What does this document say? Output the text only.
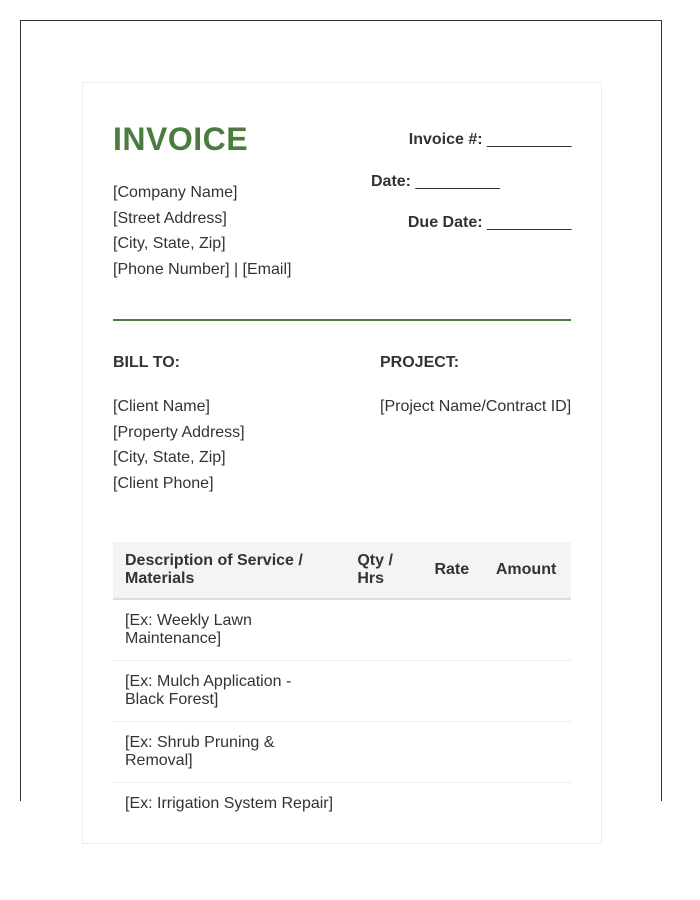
INVOICE
[Company Name]
[Street Address]
[City, State, Zip]
[Phone Number] | [Email]
Invoice #: __________
Date: __________
Due Date: __________

BILL TO:

[Client Name]
[Property Address]
[City, State, Zip]
[Client Phone]

PROJECT:

[Project Name/Contract ID]
Description of Service / Materials	Qty / Hrs	Rate	Amount
[Ex: Weekly Lawn Maintenance]			
[Ex: Mulch Application - Black Forest]			
[Ex: Shrub Pruning & Removal]			
[Ex: Irrigation System Repair]			
